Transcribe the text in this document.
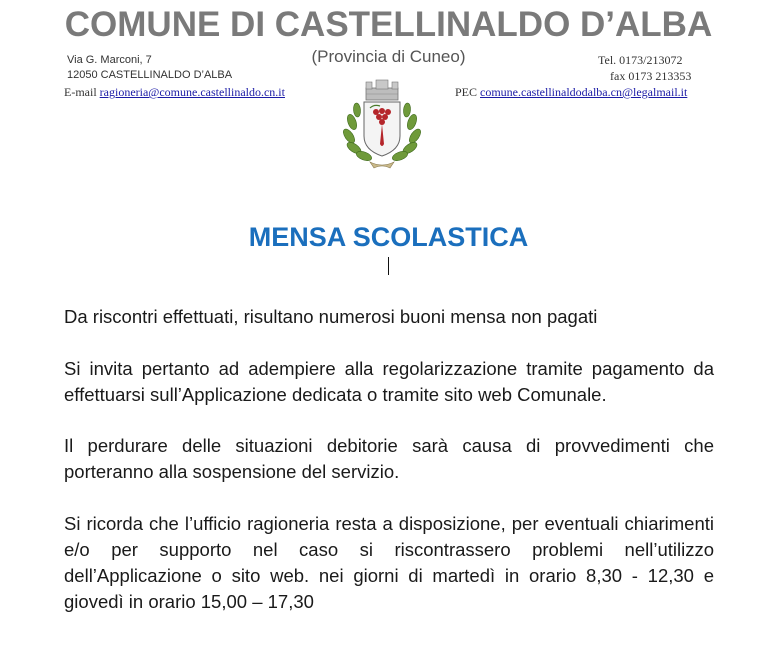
COMUNE DI CASTELLINALDO D’ALBA
(Provincia di Cuneo)
Via G. Marconi, 7
12050 CASTELLINALDO D’ALBA
E-mail ragioneria@comune.castellinaldo.cn.it
Tel. 0173/213072
fax 0173 213353
PEC comune.castellinaldodalba.cn@legalmail.it
MENSA SCOLASTICA
Da riscontri effettuati, risultano numerosi buoni mensa non pagati
Si invita pertanto ad adempiere alla regolarizzazione tramite pagamento da effettuarsi sull’Applicazione dedicata o tramite sito web Comunale.
Il perdurare delle situazioni debitorie sarà causa di provvedimenti che porteranno alla sospensione del servizio.
Si ricorda che l’ufficio ragioneria resta a disposizione, per eventuali chiarimenti e/o per supporto nel caso si riscontrassero problemi nell’utilizzo dell’Applicazione o sito web. nei giorni di martedì in orario 8,30 - 12,30 e giovedì in orario 15,00 – 17,30
